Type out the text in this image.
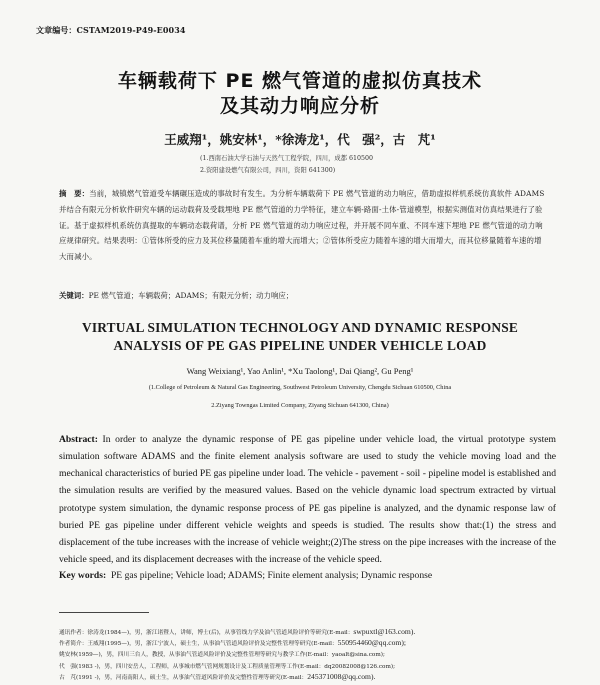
文章编号：CSTAM2019-P49-E0034
车辆载荷下 PE 燃气管道的虚拟仿真技术
及其动力响应分析
王威翔¹，姚安林¹，*徐涛龙¹，代　强²，古　芃¹
(1.西南石油大学石油与天然气工程学院，四川，成都 610500
2.资阳建设燃气有限公司，四川，资阳 641300)
摘　要：当前，城镇燃气管道受车辆碾压造成的事故时有发生。为分析车辆载荷下 PE 燃气管道的动力响应，借助虚拟样机系统仿真软件 ADAMS 并结合有限元分析软件研究车辆的运动载荷及受载埋地 PE 燃气管道的力学特征，建立车辆-路面-土体-管道模型，根据实测值对仿真结果进行了验证。基于虚拟样机系统仿真提取的车辆动态载荷谱，分析 PE 燃气管道的动力响应过程，并开展不同车重、不同车速下埋地 PE 燃气管道的动力响应规律研究。结果表明：①管体所受的应力及其位移量随着车重的增大而增大；②管体所受应力随着车速的增大而增大，而其位移量随着车速的增大而减小。
关键词：PE 燃气管道；车辆载荷；ADAMS；有限元分析；动力响应；
VIRTUAL SIMULATION TECHNOLOGY AND DYNAMIC RESPONSE
ANALYSIS OF PE GAS PIPELINE UNDER VEHICLE LOAD
Wang Weixiang¹, Yao Anlin¹, *Xu Taolong¹, Dai Qiang², Gu Peng¹
(1.College of Petroleum & Natural Gas Engineering, Southwest Petroleum University, Chengdu Sichuan 610500, China
2.Ziyang Towngas Limited Company, Ziyang Sichuan 641300, China)
Abstract: In order to analyze the dynamic response of PE gas pipeline under vehicle load, the virtual prototype system simulation software ADAMS and the finite element analysis software are used to study the vehicle moving load and the mechanical characteristics of buried PE gas pipeline under load. The vehicle - pavement - soil - pipeline model is established and the simulation results are verified by the measured values. Based on the vehicle dynamic load spectrum extracted by virtual prototype system simulation, the dynamic response process of PE gas pipeline is analyzed, and the dynamic response law of buried PE gas pipeline under different vehicle weights and speeds is studied. The results show that:(1) the stress and displacement of the tube increases with the increase of vehicle weight;(2)The stress on the pipe increases with the increase of the vehicle speed, and its displacement decreases with the increase of the vehicle speed.
Key words: PE gas pipeline; Vehicle load; ADAMS; Finite element analysis; Dynamic response
通讯作者：徐涛龙(1984—)，男，浙江诸暨人，讲师，博士(后)，从事管线力学及油气管道风险评价等研究(E-mail：swpuxtl@163.com).
作者简介：王威翔(1995—)，男，浙江宁波人，硕士生，从事油气管道风险评价及完整性管理等研究(E-mail：550954460@qq.com);
姚安林(1959—)，男，四川三台人，教授，从事油气管道风险评价及完整性管理等研究与教学工作(E-mail：yaoalt@sina.com);
代　强(1983 -)，男，四川安岳人，工程师，从事城市燃气管网规划设计及工程质量管理等工作(E-mail：dq20082008@126.com);
古　芃(1991 -)，男，河南南阳人，硕士生，从事油气管道风险评价及完整性管理等研究(E-mail：245371008@qq.com).
